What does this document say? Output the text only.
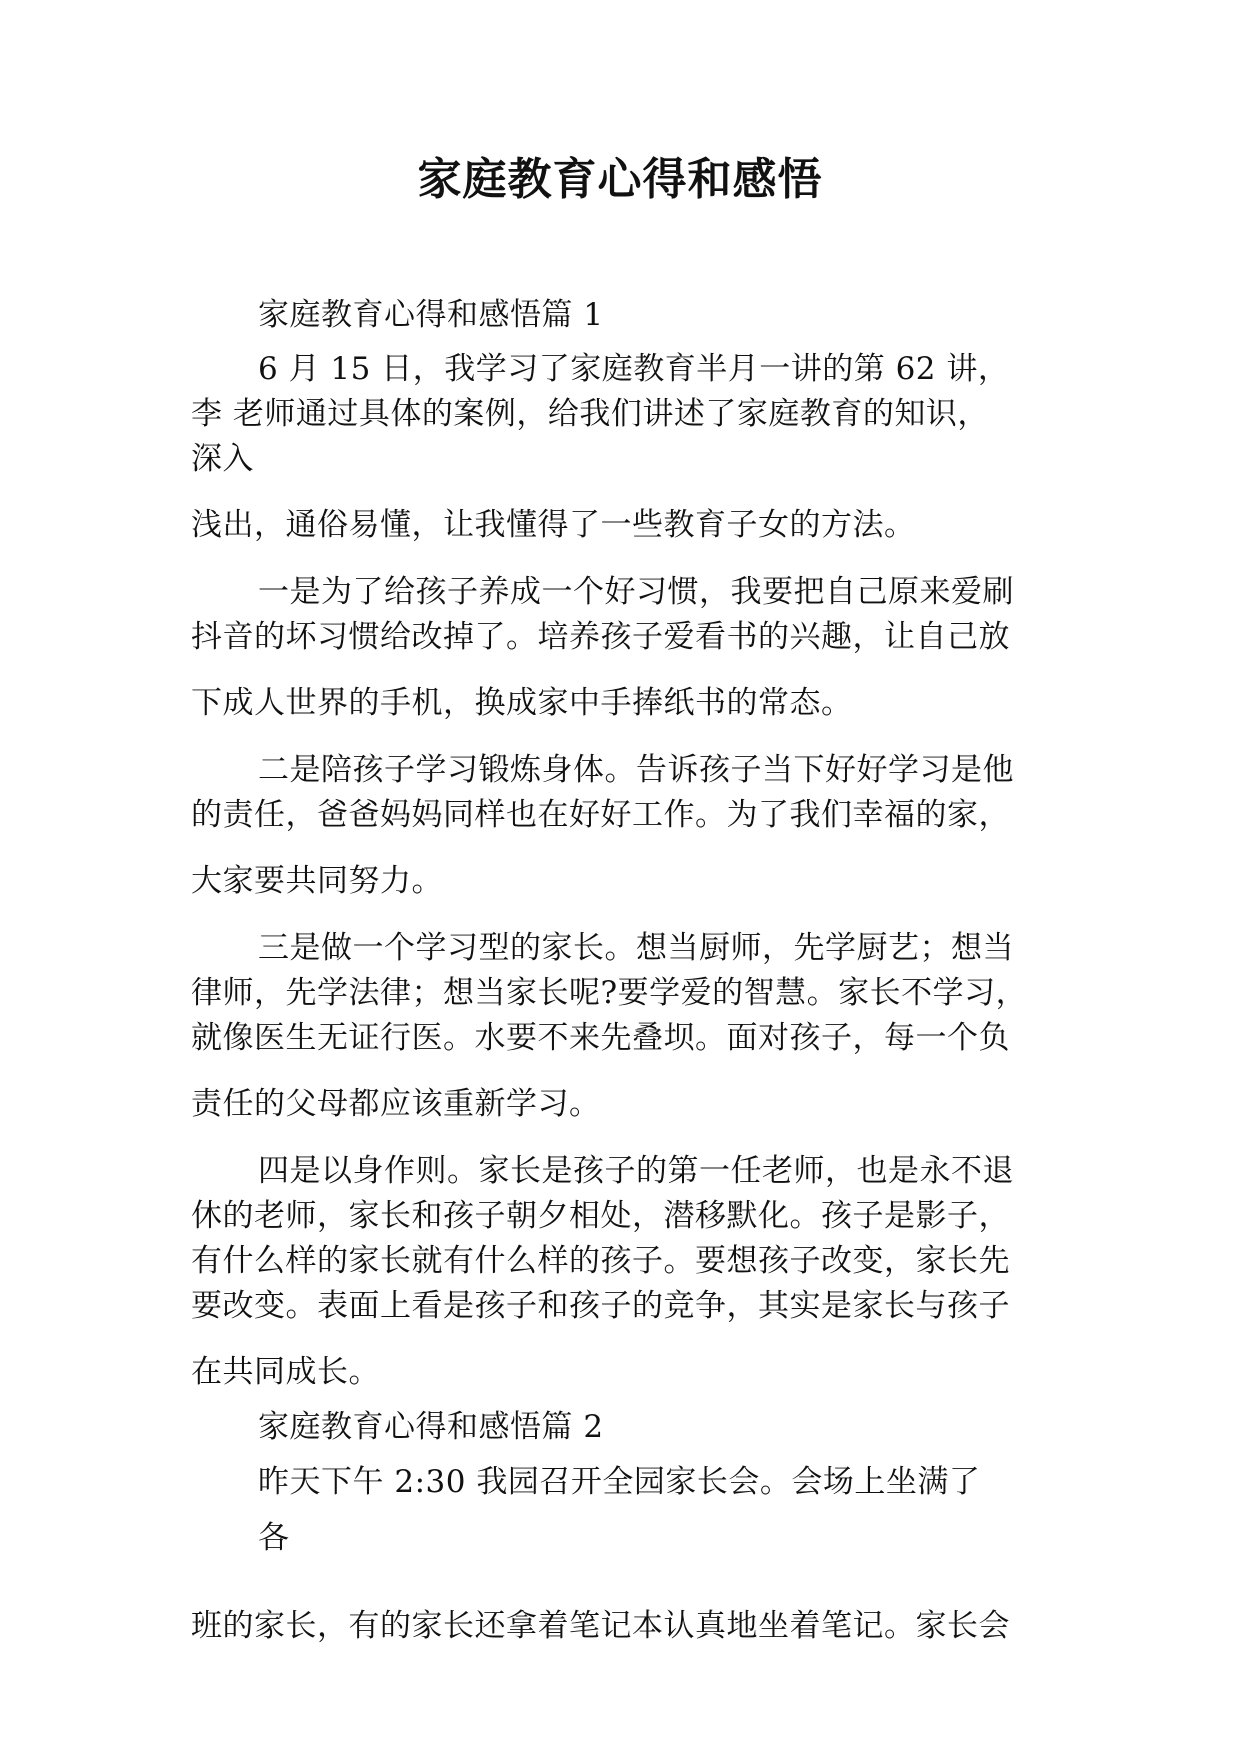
家庭教育心得和感悟
家庭教育心得和感悟篇 1
6 月 15 日，我学习了家庭教育半月一讲的第 62 讲，
李 老师通过具体的案例，给我们讲述了家庭教育的知识，
深入
浅出，通俗易懂，让我懂得了一些教育子女的方法。
一是为了给孩子养成一个好习惯，我要把自己原来爱刷
抖音的坏习惯给改掉了。培养孩子爱看书的兴趣，让自己放
下成人世界的手机，换成家中手捧纸书的常态。
二是陪孩子学习锻炼身体。告诉孩子当下好好学习是他
的责任，爸爸妈妈同样也在好好工作。为了我们幸福的家，
大家要共同努力。
三是做一个学习型的家长。想当厨师，先学厨艺；想当
律师，先学法律；想当家长呢?要学爱的智慧。家长不学习，
就像医生无证行医。水要不来先叠坝。面对孩子，每一个负
责任的父母都应该重新学习。
四是以身作则。家长是孩子的第一任老师，也是永不退
休的老师，家长和孩子朝夕相处，潜移默化。孩子是影子，
有什么样的家长就有什么样的孩子。要想孩子改变，家长先
要改变。表面上看是孩子和孩子的竞争，其实是家长与孩子
在共同成长。
家庭教育心得和感悟篇 2
昨天下午 2:30 我园召开全园家长会。会场上坐满了
各
班的家长，有的家长还拿着笔记本认真地坐着笔记。家长会
